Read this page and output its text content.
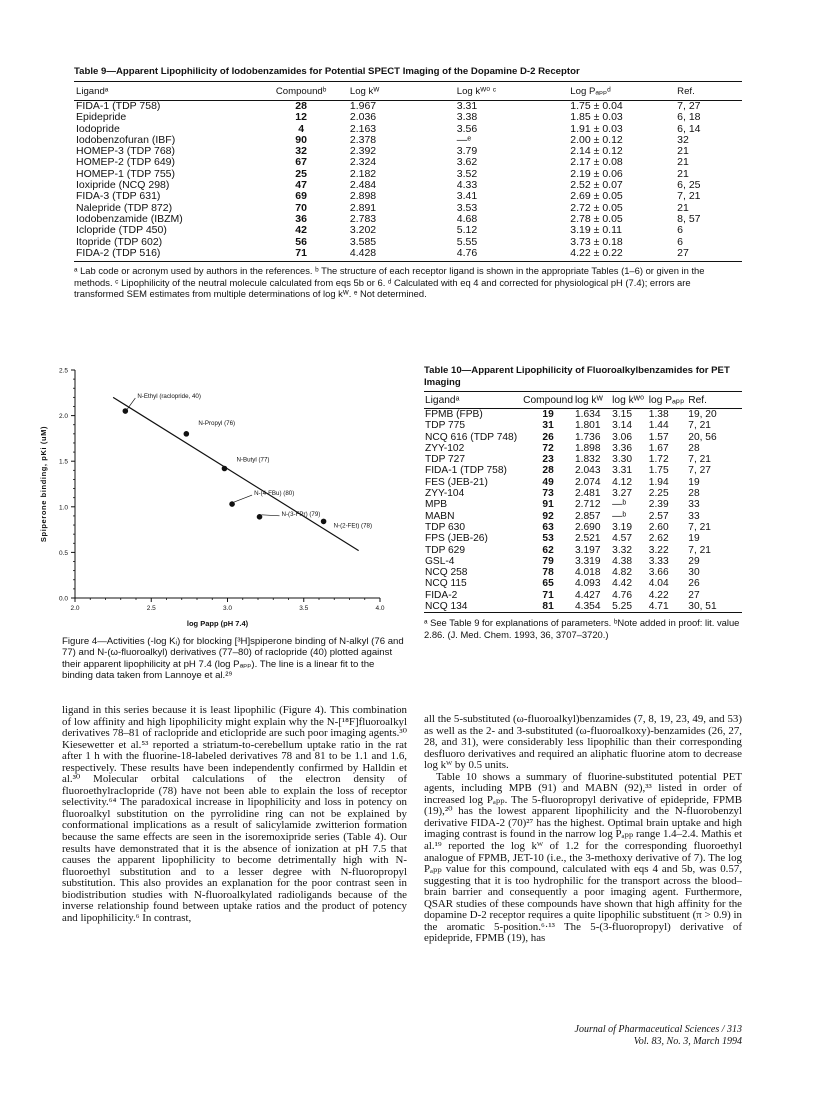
Table 9—Apparent Lipophilicity of Iodobenzamides for Potential SPECT Imaging of the Dopamine D-2 Receptor
Ligandᵃ	Compoundᵇ	Log kᵂ	Log kᵂ⁰ ᶜ	Log Pₐₚₚᵈ	Ref.
FIDA-1 (TDP 758)	28	1.967	3.31	1.75 ± 0.04	7, 27
Epidepride	12	2.036	3.38	1.85 ± 0.03	6, 18
Iodopride	4	2.163	3.56	1.91 ± 0.03	6, 14
Iodobenzofuran (IBF)	90	2.378	—ᵉ	2.00 ± 0.12	32
HOMEP-3 (TDP 768)	32	2.392	3.79	2.14 ± 0.12	21
HOMEP-2 (TDP 649)	67	2.324	3.62	2.17 ± 0.08	21
HOMEP-1 (TDP 755)	25	2.182	3.52	2.19 ± 0.06	21
Ioxipride (NCQ 298)	47	2.484	4.33	2.52 ± 0.07	6, 25
FIDA-3 (TDP 631)	69	2.898	3.41	2.69 ± 0.05	7, 21
Nalepride (TDP 872)	70	2.891	3.53	2.72 ± 0.05	21
Iodobenzamide (IBZM)	36	2.783	4.68	2.78 ± 0.05	8, 57
Iclopride (TDP 450)	42	3.202	5.12	3.19 ± 0.11	6
Itopride (TDP 602)	56	3.585	5.55	3.73 ± 0.18	6
FIDA-2 (TDP 516)	71	4.428	4.76	4.22 ± 0.22	27
ᵃ Lab code or acronym used by authors in the references. ᵇ The structure of each receptor ligand is shown in the appropriate Tables (1–6) or given in the methods. ᶜ Lipophilicity of the neutral molecule calculated from eqs 5b or 6. ᵈ Calculated with eq 4 and corrected for physiological pH (7.4); errors are transformed SEM estimates from multiple determinations of log kᵂ. ᵉ Not determined.
0.0
0.5
1.0
1.5
2.0
2.5
2.0	2.5	3.0	3.5	4.0
log Papp (pH 7.4)
Spiperone binding, pKi (uM)
N-Ethyl (raclopride, 40)
N-Propyl (76)
N-Butyl (77)
N-(4-FBu) (80)
N-(3-FPr) (79)
N-(2-FEt) (78)
Figure 4—Activities (-log Kᵢ) for blocking [³H]spiperone binding of N-alkyl (76 and 77) and N-(ω-fluoroalkyl) derivatives (77–80) of raclopride (40) plotted against their apparent lipophilicity at pH 7.4 (log Pₐₚₚ). The line is a linear fit to the binding data taken from Lannoye et al.²⁹
Table 10—Apparent Lipophilicity of Fluoroalkylbenzamides for PET Imaging
Ligandᵃ	Compound	log kᵂ	log kᵂ⁰	log Pₐₚₚ	Ref.
FPMB (FPB)	19	1.634	3.15	1.38	19, 20
TDP 775	31	1.801	3.14	1.44	7, 21
NCQ 616 (TDP 748)	26	1.736	3.06	1.57	20, 56
ZYY-102	72	1.898	3.36	1.67	28
TDP 727	23	1.832	3.30	1.72	7, 21
FIDA-1 (TDP 758)	28	2.043	3.31	1.75	7, 27
FES (JEB-21)	49	2.074	4.12	1.94	19
ZYY-104	73	2.481	3.27	2.25	28
MPB	91	2.712	—ᵇ	2.39	33
MABN	92	2.857	—ᵇ	2.57	33
TDP 630	63	2.690	3.19	2.60	7, 21
FPS (JEB-26)	53	2.521	4.57	2.62	19
TDP 629	62	3.197	3.32	3.22	7, 21
GSL-4	79	3.319	4.38	3.33	29
NCQ 258	78	4.018	4.82	3.66	30
NCQ 115	65	4.093	4.42	4.04	26
FIDA-2	71	4.427	4.76	4.22	27
NCQ 134	81	4.354	5.25	4.71	30, 51
ᵃ See Table 9 for explanations of parameters. ᵇNote added in proof: lit. value 2.86. (J. Med. Chem. 1993, 36, 3707–3720.)

ligand in this series because it is least lipophilic (Figure 4). This combination of low affinity and high lipophilicity might explain why the N-[¹⁸F]fluoroalkyl derivatives 78–81 of raclopride and eticlopride are such poor imaging agents.³⁰ Kiesewetter et al.⁵³ reported a striatum-to-cerebellum uptake ratio in the rat after 1 h with the fluorine-18-labeled derivatives 78 and 81 to be 1.1 and 1.6, respectively. These results have been independently confirmed by Halldin et al.³⁰ Molecular orbital calculations of the electron density of fluoroethylraclopride (78) have not been able to explain the loss of receptor selectivity.⁶⁴ The paradoxical increase in lipophilicity and loss in potency on fluoroalkyl substitution on the pyrrolidine ring can not be explained by conformational implications as a result of salicylamide zwitterion formation because the same effects are seen in the isoremoxipride series (Table 4). Our results have demonstrated that it is the absence of ionization at pH 7.5 that causes the apparent lipophilicity to become detrimentally high with N-fluoroethyl substitution and to a lesser degree with N-fluoropropyl substitution. This also provides an explanation for the poor contrast seen in biodistribution studies with N-fluoroalkylated radioligands because of the inverse relationship found between uptake ratios and the product of potency and lipophilicity.⁶ In contrast,

all the 5-substituted (ω-fluoroalkyl)benzamides (7, 8, 19, 23, 49, and 53) as well as the 2- and 3-substituted (ω-fluoroalkoxy)-benzamides (26, 27, 28, and 31), were considerably less lipophilic than their corresponding desfluoro derivatives and required an aliphatic fluorine atom to decrease log kᵂ by 0.5 units.

Table 10 shows a summary of fluorine-substituted potential PET agents, including MPB (91) and MABN (92),³³ listed in order of increased log Pₐₚₚ. The 5-fluoropropyl derivative of epidepride, FPMB (19),²⁰ has the lowest apparent lipophilicity and the N-fluorobenzyl derivative FIDA-2 (70)²⁷ has the highest. Optimal brain uptake and high imaging contrast is found in the narrow log Pₐₚₚ range 1.4–2.4. Mathis et al.¹⁹ reported the log kᵂ of 1.2 for the corresponding fluoroethyl analogue of FPMB, JET-10 (i.e., the 3-methoxy derivative of 7). The log Pₐₚₚ value for this compound, calculated with eqs 4 and 5b, was 0.57, suggesting that it is too hydrophilic for the transport across the blood–brain barrier and consequently a poor imaging agent. Furthermore, QSAR studies of these compounds have shown that high affinity for the dopamine D-2 receptor requires a quite lipophilic substituent (π > 0.9) in the aromatic 5-position.⁶·¹³ The 5-(3-fluoropropyl) derivative of epidepride, FPMB (19), has

Journal of Pharmaceutical Sciences / 313
Vol. 83, No. 3, March 1994
